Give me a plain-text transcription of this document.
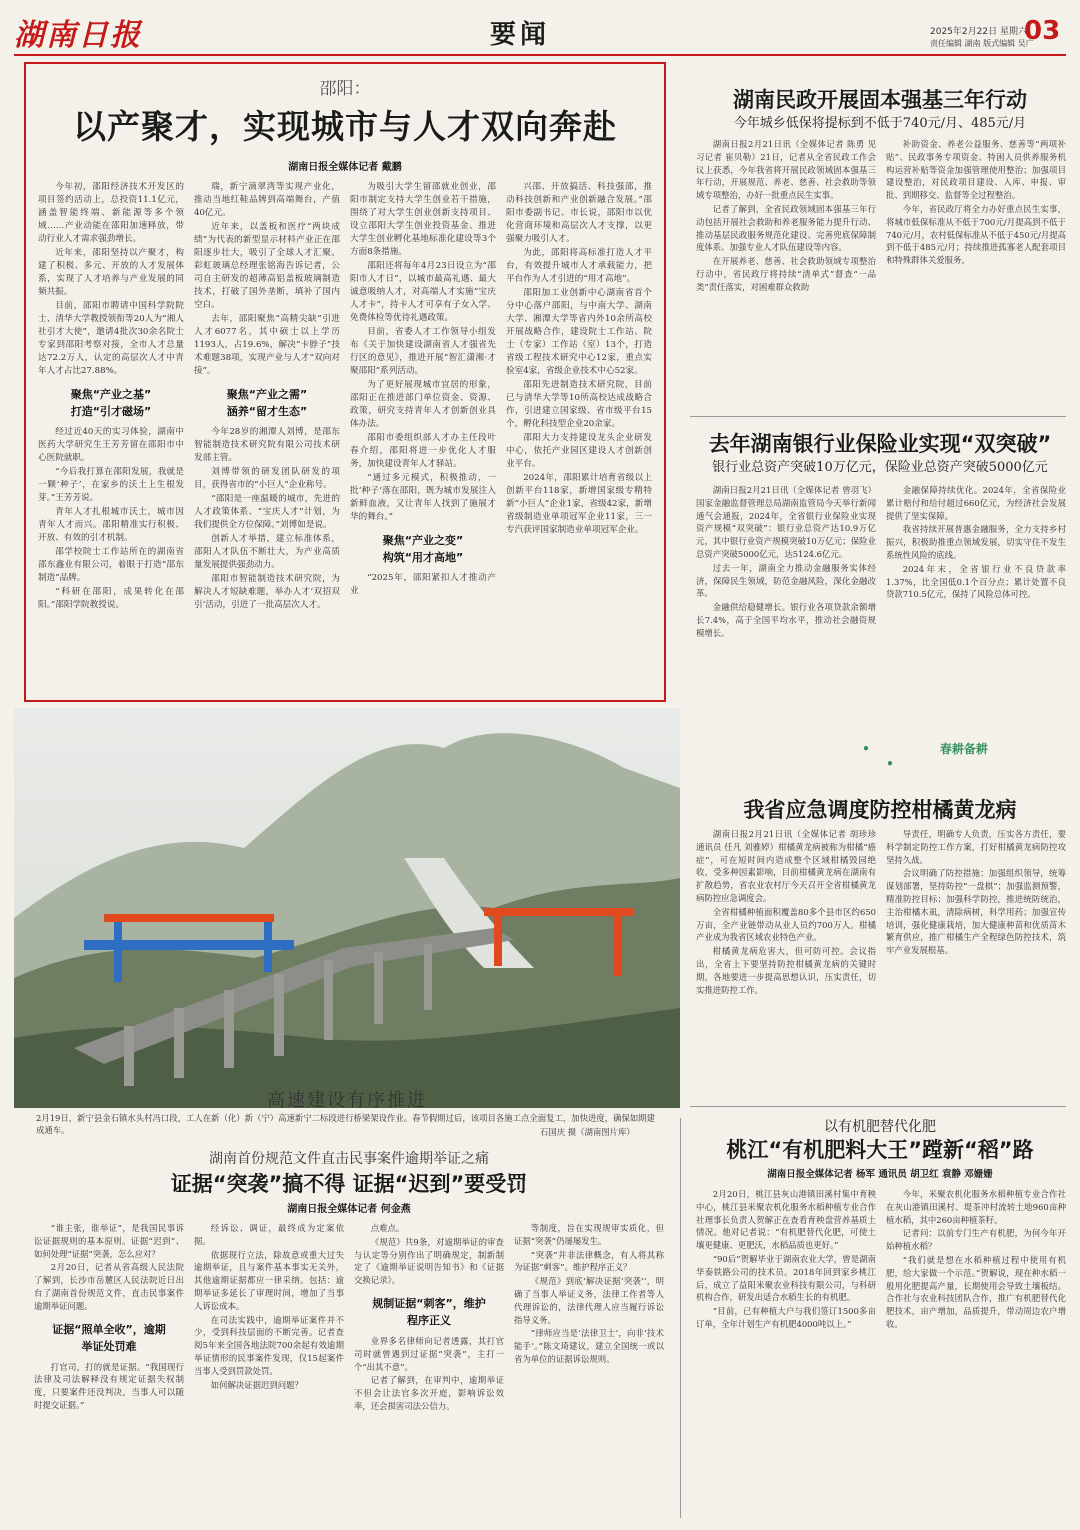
湖南日报	要闻	2025年2月22日 星期六
责任编辑 湖南 版式编辑 吴广
03
邵阳：
以产聚才，实现城市与人才双向奔赴
湖南日报全媒体记者 戴鹏

今年初，邵阳经济技术开发区的项目签约活动上，总投资11.1亿元，涵盖智能终端、新能源等多个领域……产业动能在邵阳加速释放，带动行业人才需求强劲增长。

近年来，邵阳坚持以产聚才，构建了积极、多元、开放的人才发展体系，实现了人才培养与产业发展的同频共振。

目前，邵阳市聘请中国科学院院士、清华大学教授领衔等20人为“湘人社引才大使”，邀请4批次30余名院士专家到邵阳考察对接，全市人才总量达72.2万人，认定的高层次人才中青年人才占比27.88%。

聚焦“产业之基”
打造“引才磁场”

经过近40天的实习体验，湖南中医药大学研究生王芳芳留在邵阳市中心医院就职。

“今后我打算在邵阳发展，我就是一颗‘种子’，在家乡的沃土上生根发芽。”王芳芳说。

青年人才扎根城市沃土，城市因青年人才而兴。邵阳精准实行积极、开放、有效的引才机制。

邵学校院士工作站所在的湖南省邵东鑫业有限公司，着眼于打造“邵东制造”品牌。

“科研在邵阳，成果转化在邵阳。”邵阳学院教授说。

瑞，新宁滴翠湾等实现产业化，推动当地红鞋品牌到高端舞台，产值40亿元。

近年来，以盖板和医疗“两块成绩”为代表的新型显示材料产业正在邵阳逐步壮大，吸引了全球人才汇聚。彩虹玻璃总经理张铭海告诉记者，公司自主研发的超薄高铝盖板玻璃制造技术，打破了国外垄断，填补了国内空白。

去年，邵阳聚焦“高精尖缺”引进人才6077名，其中硕士以上学历1193人，占19.6%，解决“卡脖子”技术难题38项，实现产业与人才“双向对接”。

聚焦“产业之需”
涵养“留才生态”

今年28岁的湘潭人刘博，是邵东智能制造技术研究院有限公司技术研发部主管。

刘博带领的研发团队研发的项目，获得省市的“小巨人”企业称号。

“邵阳是一座温暖的城市，先进的人才政策体系、“宝庆人才”计划，为我们提供全方位保障。”刘博如是说。

创新人才举措，建立标准体系，邵阳人才队伍不断壮大，为产业高质量发展提供强劲动力。

邵阳市智能制造技术研究院，为解决人才短缺难题，举办人才‘双招双引’活动，引进了一批高层次人才。

为吸引大学生留邵就业创业，邵阳市制定支持大学生创业若干措施，围绕了对大学生创业创新支持项目、设立邵阳大学生创业投资基金、推进大学生创业孵化基地标准化建设等3个方面8条措施。

邵阳还将每年4月23日设立为“邵阳市人才日”，以城市最高礼遇、最大诚意吸纳人才，对高端人才实施“宝庆人才卡”，持卡人才可享有子女入学、免费体检等优待礼遇政策。

目前，省委人才工作领导小组发布《关于加快建设湖南省人才强省先行区的意见》，推进开展“智汇潇湘·才聚邵阳”系列活动。

为了更好展现城市宜居的形象，邵阳正在推进部门单位资金、资源、政策，研究支持青年人才创新创业具体办法。

邵阳市委组织部人才办主任段叶春介绍，邵阳将进一步优化人才服务，加快建设青年人才驿站。

“通过多元模式，积极推动，一批‘种子’落在邵阳，既为城市发展注入新鲜血液，又让青年人找到了施展才华的舞台。”

聚焦“产业之变”
构筑“用才高地”

“2025年，邵阳紧扣人才推动产业

兴邵、开放搞活、科技强邵，推动科技创新和产业创新融合发展。”邵阳市委副书记、市长说，邵阳市以优化营商环境和高层次人才支撑，以更强聚力吸引人才。

为此，邵阳将高标准打造人才平台，有效提升城市人才承载能力，把平台作为人才引进的“用才高地”。

邵阳加工业创新中心湖南省首个分中心落户邵阳，与中南大学、湖南大学、湘潭大学等省内外10余所高校开展战略合作，建设院士工作站、院士（专家）工作站（室）13个，打造省级工程技术研究中心12家，重点实验室4家，省级企业技术中心52家。

邵阳先进制造技术研究院，目前已与清华大学等10所高校达成战略合作，引进建立国家级、省市级平台15个，孵化科技型企业20余家。

邵阳大力支持建设龙头企业研发中心，依托产业园区建设人才创新创业平台。

2024年，邵阳累计培育省级以上创新平台118家，新增国家级专精特新“小巨人”企业1家，省级42家，新增省级制造业单项冠军企业11家，三一专汽获评国家制造业单项冠军企业。

湖南民政开展固本强基三年行动
今年城乡低保将提标到不低于740元/月、485元/月

湖南日报2月21日讯（全媒体记者 陈勇 见习记者 崔贝勒）21日，记者从全省民政工作会议上获悉，今年我省将开展民政领域固本强基三年行动，开展规范、养老、慈善、社会救助等领域专项整治，办好一批重点民生实事。

记者了解到，全省民政领域固本强基三年行动包括开展社会救助和养老服务能力提升行动、推动基层民政服务规范化建设、完善兜底保障制度体系、加强专业人才队伍建设等内容。

在开展养老、慈善、社会救助领域专项整治行动中，省民政厅将持续“清单式”督查“一品类”责任落实，对困难群众救助

补助资金、养老公益服务、慈善等“两项补贴”、民政事务专项资金、特困人员供养服务机构运营补贴等资金加强管理使用整治；加强项目建设整治，对民政项目建设、入库、申报、审批、到期移交、监督等全过程整治。

今年，省民政厅将全力办好重点民生实事，将城市低保标准从不低于700元/月提高到不低于740元/月，农村低保标准从不低于450元/月提高到不低于485元/月；持续推进孤寡老人配套项目和特殊群体关爱服务。

去年湖南银行业保险业实现“双突破”
银行业总资产突破10万亿元，保险业总资产突破5000亿元

湖南日报2月21日讯（全媒体记者 曾羽飞）国家金融监督管理总局湖南监管局今天举行新闻通气会通报，2024年，全省银行业保险业实现资产规模“双突破”：银行业总资产达10.9万亿元，其中银行业资产规模突破10万亿元；保险业总资产突破5000亿元，达5124.6亿元。

过去一年，湖南全力推动金融服务实体经济，保障民生领域，防范金融风险，深化金融改革。

金融供给稳健增长。银行业各项贷款余额增长7.4%，高于全国平均水平，推动社会融资规模增长。

金融保障持续优化。2024年，全省保险业累计赔付和给付超过660亿元，为经济社会发展提供了坚实保障。

我省持续开展普惠金融服务，全力支持乡村振兴，积极助推重点领域发展，切实守住不发生系统性风险的底线。

2024年末，全省银行业不良贷款率1.37%，比全国低0.1个百分点；累计处置不良贷款710.5亿元，保持了风险总体可控。

• 春耕备耕 •
我省应急调度防控柑橘黄龙病

湖南日报2月21日讯（全媒体记者 胡珍珍 通讯员 任凡 刘雅婷）柑橘黄龙病被称为柑橘“癌症”，可在短时间内造成整个区域柑橘毁园绝收，受多种因素影响，目前柑橘黄龙病在湖南有扩散趋势，省农业农村厅今天召开全省柑橘黄龙病防控应急调度会。

全省柑橘种植面积覆盖80多个县市区约650万亩，全产业链带动从业人员约700万人。柑橘产业成为我省区域农业特色产业。

柑橘黄龙病危害大，但可防可控。会议指出，全省上下要坚持防控柑橘黄龙病的关键时期，各地要进一步提高思想认识，压实责任，切实推进防控工作。

导责任，明确专人负责，压实各方责任，要科学制定防控工作方案，打好柑橘黄龙病防控攻坚持久战。

会议明确了防控措施：加强组织领导，统筹谋划部署，坚持防控“一盘棋”；加强监测预警，精准防控目标；加强科学防控，推进统防统治，主治柑橘木虱，清除病树，科学用药；加强宣传培训，强化健康栽培，加大健康种苗和优质苗木繁育供应，推广柑橘生产全程绿色防控技术，筑牢产业发展根基。

以有机肥替代化肥
桃江“有机肥料大王”蹚新“稻”路
湖南日报全媒体记者 杨军 通讯员 胡卫红 袁静 邓姗姗

2月20日，桃江县灰山港镇田溪村集中育秧中心，桃江县米聚农机化服务水稻种植专业合作社理事长负责人贺解正在查看育秧盘营养基质土情况。他对记者说：“有机肥替代化肥，可使土壤更健康、更肥沃，水稻品质也更好。”

“90后”贺解毕业于湖南农业大学，曾是湖南华泰铁路公司的技术员。2018年回到家乡桃江后，成立了益阳米聚农业科技有限公司，与科研机构合作，研发出适合水稻生长的有机肥。

“目前，已有种植大户与我们签订1500多亩订单，全年计划生产有机肥4000吨以上。”

今年，米聚农机化服务水稻种植专业合作社在灰山港镇田溪村、堤茶冲村流转土地960亩种植水稻，其中260亩种植茶籽。

记者问：以前专门生产有机肥，为何今年开始种植水稻？

“我们就是想在水稻种植过程中使用有机肥，给大家做一个示范。”贺解说，现在种水稻一般用化肥提高产量，长期使用会导致土壤板结。合作社与农业科技团队合作，推广有机肥替代化肥技术，亩产增加，品质提升，带动周边农户增收。

高速建设有序推进
2月19日，新宁县金石镇水头村冯口段，工人在新（化）新（宁）高速新宁二标段进行桥梁架设作业。春节假期过后，该项目各施工点全面复工，加快进度，确保如期建成通车。	石国庆 摄（湖南图片库）
湖南首份规范文件直击民事案件逾期举证之痛
证据“突袭”搞不得 证据“迟到”要受罚
湖南日报全媒体记者 何金燕

“谁主张，谁举证”，是我国民事诉讼证据规则的基本原则。证据“迟到”、如何处理“证据”突袭，怎么应对？

2月20日，记者从省高级人民法院了解到，长沙市岳麓区人民法院近日出台了湖南首份规范文件，直击民事案件逾期举证问题。

证据“照单全收”，逾期
举证处罚难

打官司，打的就是证据。“我国现行法律及司法解释没有规定证据失权制度，只要案件还没判决，当事人可以随时提交证据。”

经诉讼、调证，最终成为定案依据。

依据现行立法，除故意或重大过失逾期举证，且与案件基本事实无关外，其他逾期证据都应一律采纳。包括：逾期举证多延长了审理时间，增加了当事人诉讼成本。

在司法实践中，逾期举证案件并不少，受到科技层面的不断完善。记者查阅5年来全国各地法院700余起有效逾期举证情形的民事案件发现，仅15起案件当事人受到罚款处罚。

如何解决证据迟到问题？

点难点。

《规范》共9条，对逾期举证的审查与认定等分别作出了明确规定，制新制定了《逾期举证说明告知书》和《证据交换记录》。

规制证据“刺客”，维护
程序正义

业界多名律师向记者透露，其打官司时就曾遇到过证据“突袭”，主打一个“出其不意”。

记者了解到，在审判中，逾期举证不但会让法官多次开庭，影响诉讼效率，还会损害司法公信力。

等制度，旨在实现规审实质化，但证据“突袭”仍屡屡发生。

“突袭”并非法律概念，有人将其称为证据“刺客”。维护程序正义？

《规范》到底‘解决证据‘突袭’’，明确了当事人举证义务，法律工作者等人代理诉讼的，法律代理人应当履行诉讼指导义务。

“律师应当是‘法律卫士’，向非‘技术能手’。”陈文琦建议，建立全国统一或以省为单位的证据诉讼规则。
